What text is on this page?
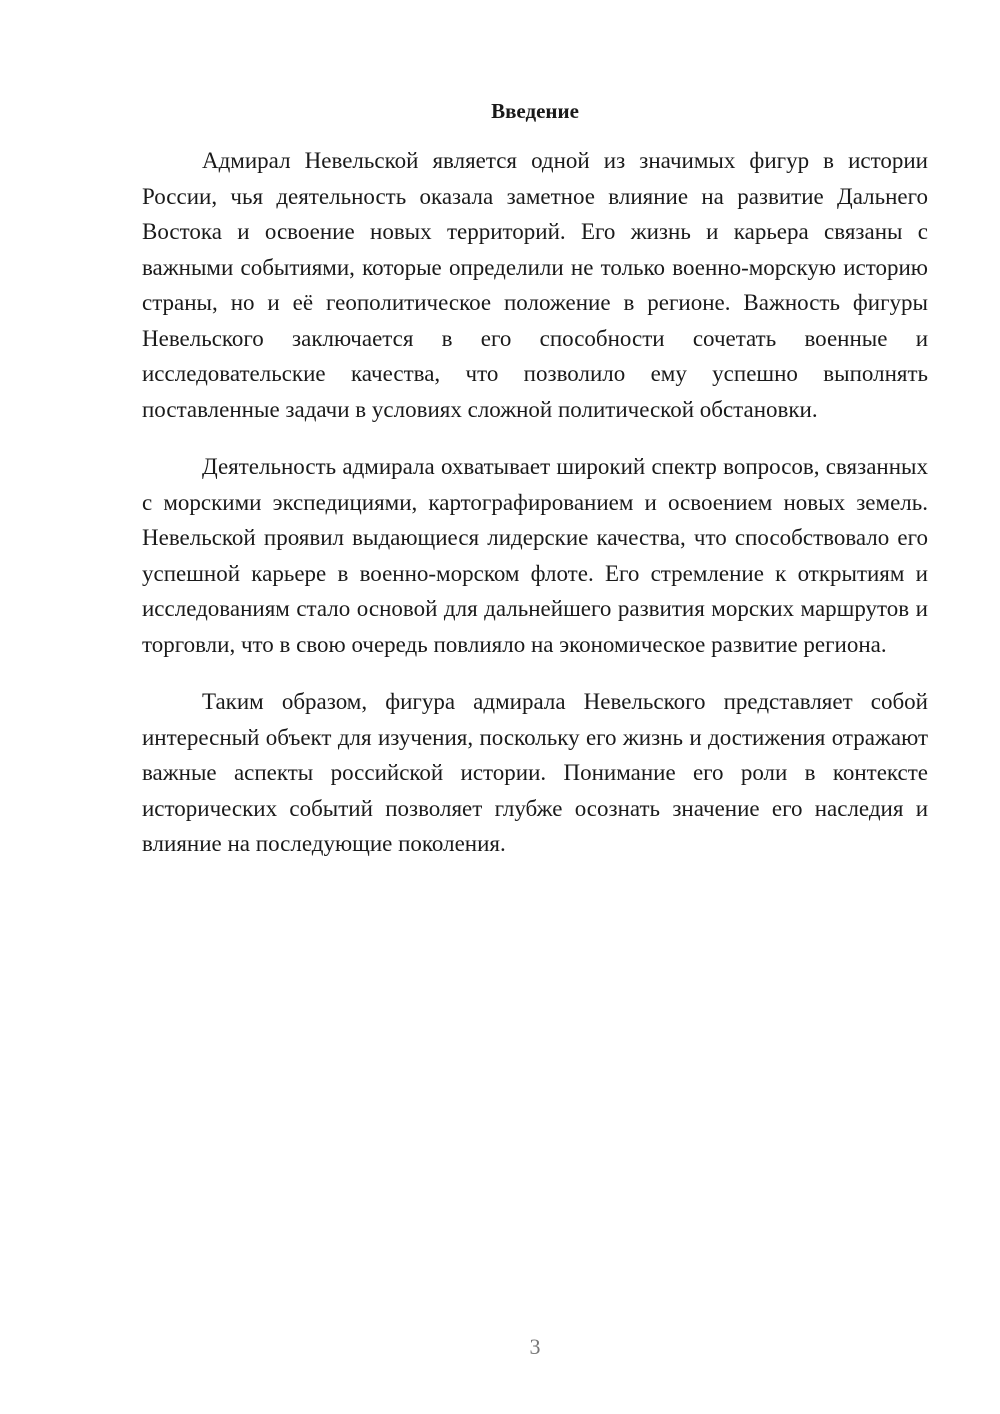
Введение

Адмирал Невельской является одной из значимых фигур в истории России, чья деятельность оказала заметное влияние на развитие Дальнего Востока и освоение новых территорий. Его жизнь и карьера связаны с важными событиями, которые определили не только военно-морскую историю страны, но и её геополитическое положение в регионе. Важность фигуры Невельского заключается в его способности сочетать военные и исследовательские качества, что позволило ему успешно выполнять поставленные задачи в условиях сложной политической обстановки.

Деятельность адмирала охватывает широкий спектр вопросов, связанных с морскими экспедициями, картографированием и освоением новых земель. Невельской проявил выдающиеся лидерские качества, что способствовало его успешной карьере в военно-морском флоте. Его стремление к открытиям и исследованиям стало основой для дальнейшего развития морских маршрутов и торговли, что в свою очередь повлияло на экономическое развитие региона.

Таким образом, фигура адмирала Невельского представляет собой интересный объект для изучения, поскольку его жизнь и достижения отражают важные аспекты российской истории. Понимание его роли в контексте исторических событий позволяет глубже осознать значение его наследия и влияние на последующие поколения.

3
